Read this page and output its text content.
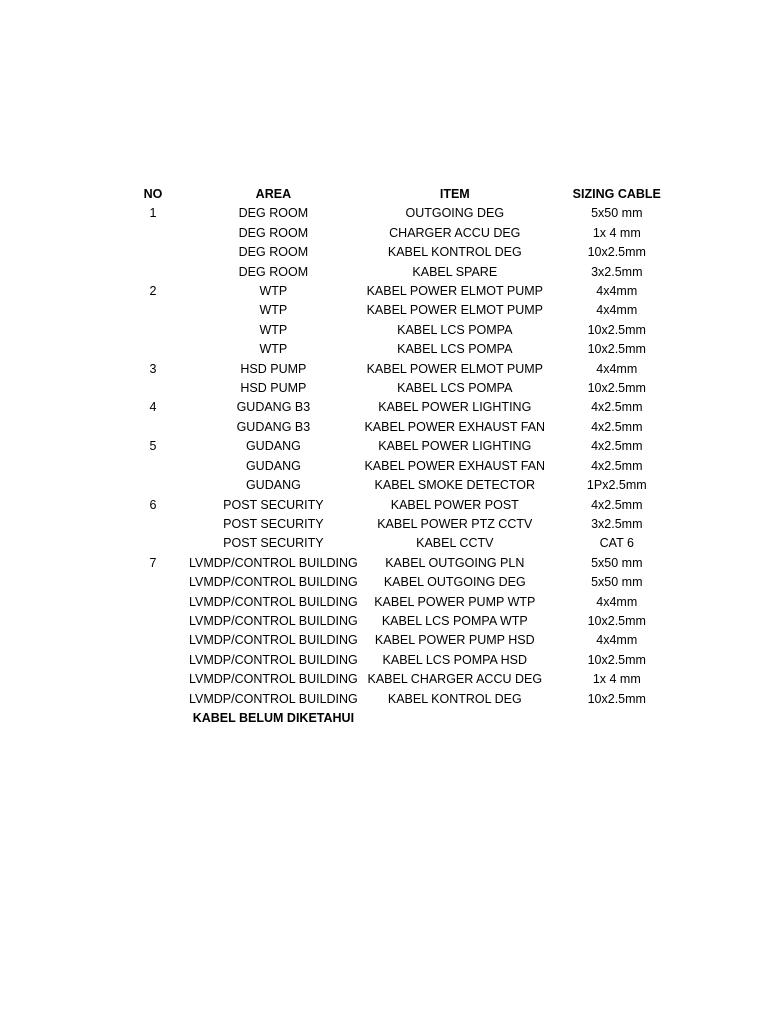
NO	AREA	ITEM	SIZING CABLE
1	DEG ROOM	OUTGOING DEG	5x50 mm
	DEG ROOM	CHARGER ACCU DEG	1x 4 mm
	DEG ROOM	KABEL KONTROL DEG	10x2.5mm
	DEG ROOM	KABEL SPARE	3x2.5mm
2	WTP	KABEL POWER ELMOT PUMP	4x4mm
	WTP	KABEL POWER ELMOT PUMP	4x4mm
	WTP	KABEL LCS POMPA	10x2.5mm
	WTP	KABEL LCS POMPA	10x2.5mm
3	HSD PUMP	KABEL POWER ELMOT PUMP	4x4mm
	HSD PUMP	KABEL LCS POMPA	10x2.5mm
4	GUDANG B3	KABEL POWER LIGHTING	4x2.5mm
	GUDANG B3	KABEL POWER EXHAUST FAN	4x2.5mm
5	GUDANG	KABEL POWER LIGHTING	4x2.5mm
	GUDANG	KABEL POWER EXHAUST FAN	4x2.5mm
	GUDANG	KABEL SMOKE DETECTOR	1Px2.5mm
6	POST SECURITY	KABEL POWER POST	4x2.5mm
	POST SECURITY	KABEL POWER PTZ CCTV	3x2.5mm
	POST SECURITY	KABEL CCTV	CAT 6
7	LVMDP/CONTROL BUILDING	KABEL OUTGOING PLN	5x50 mm
	LVMDP/CONTROL BUILDING	KABEL OUTGOING DEG	5x50 mm
	LVMDP/CONTROL BUILDING	KABEL POWER PUMP WTP	4x4mm
	LVMDP/CONTROL BUILDING	KABEL LCS POMPA WTP	10x2.5mm
	LVMDP/CONTROL BUILDING	KABEL POWER PUMP HSD	4x4mm
	LVMDP/CONTROL BUILDING	KABEL LCS POMPA HSD	10x2.5mm
	LVMDP/CONTROL BUILDING	KABEL CHARGER ACCU DEG	1x 4 mm
	LVMDP/CONTROL BUILDING	KABEL KONTROL DEG	10x2.5mm
	KABEL BELUM DIKETAHUI		
